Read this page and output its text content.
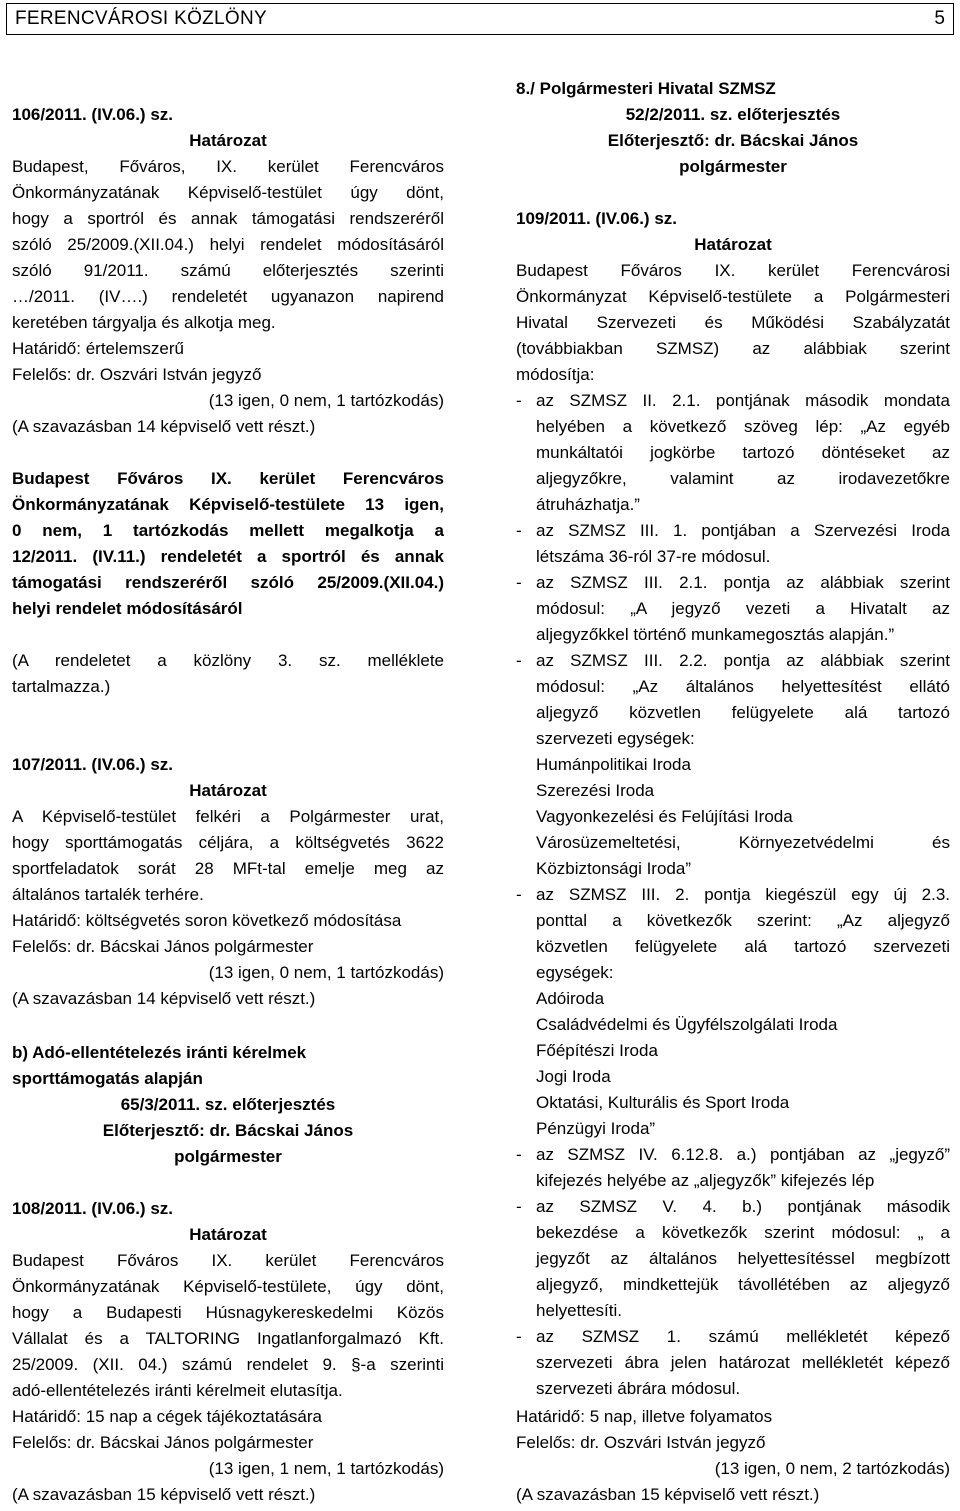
FERENCVÁROSI KÖZLÖNY	5
106/2011. (IV.06.) sz.
Határozat
Budapest, Főváros, IX. kerület Ferencváros
Önkormányzatának Képviselő-testület úgy dönt,
hogy a sportról és annak támogatási rendszeréről
szóló 25/2009.(XII.04.) helyi rendelet módosításáról
szóló 91/2011. számú előterjesztés szerinti
…/2011. (IV….) rendeletét ugyanazon napirend
keretében tárgyalja és alkotja meg.
Határidő: értelemszerű
Felelős: dr. Oszvári István jegyző
(13 igen, 0 nem, 1 tartózkodás)
(A szavazásban 14 képviselő vett részt.)
Budapest Főváros IX. kerület Ferencváros
Önkormányzatának Képviselő-testülete 13 igen,
0 nem, 1 tartózkodás mellett megalkotja a
12/2011. (IV.11.) rendeletét a sportról és annak
támogatási rendszeréről szóló 25/2009.(XII.04.)
helyi rendelet módosításáról
(A rendeletet a közlöny 3. sz. melléklete
tartalmazza.)
107/2011. (IV.06.) sz.
Határozat
A Képviselő-testület felkéri a Polgármester urat,
hogy sporttámogatás céljára, a költségvetés 3622
sportfeladatok sorát 28 MFt-tal emelje meg az
általános tartalék terhére.
Határidő: költségvetés soron következő módosítása
Felelős: dr. Bácskai János polgármester
(13 igen, 0 nem, 1 tartózkodás)
(A szavazásban 14 képviselő vett részt.)
b) Adó-ellentételezés iránti kérelmek
sporttámogatás alapján
65/3/2011. sz. előterjesztés
Előterjesztő: dr. Bácskai János
polgármester
108/2011. (IV.06.) sz.
Határozat
Budapest Főváros IX. kerület Ferencváros
Önkormányzatának Képviselő-testülete, úgy dönt,
hogy a Budapesti Húsnagykereskedelmi Közös
Vállalat és a TALTORING Ingatlanforgalmazó Kft.
25/2009. (XII. 04.) számú rendelet 9. §-a szerinti
adó-ellentételezés iránti kérelmeit elutasítja.
Határidő: 15 nap a cégek tájékoztatására
Felelős: dr. Bácskai János polgármester
(13 igen, 1 nem, 1 tartózkodás)
(A szavazásban 15 képviselő vett részt.)
8./ Polgármesteri Hivatal SZMSZ
52/2/2011. sz. előterjesztés
Előterjesztő: dr. Bácskai János
polgármester
109/2011. (IV.06.) sz.
Határozat
Budapest Főváros IX. kerület Ferencvárosi
Önkormányzat Képviselő-testülete a Polgármesteri
Hivatal Szervezeti és Működési Szabályzatát
(továbbiakban SZMSZ) az alábbiak szerint
módosítja:
- az SZMSZ II. 2.1. pontjának második mondata
helyében a következő szöveg lép: „Az egyéb
munkáltatói jogkörbe tartozó döntéseket az
aljegyzőkre, valamint az irodavezetőkre
átruházhatja.”
- az SZMSZ III. 1. pontjában a Szervezési Iroda
létszáma 36-ról 37-re módosul.
- az SZMSZ III. 2.1. pontja az alábbiak szerint
módosul: „A jegyző vezeti a Hivatalt az
aljegyzőkkel történő munkamegosztás alapján.”
- az SZMSZ III. 2.2. pontja az alábbiak szerint
módosul: „Az általános helyettesítést ellátó
aljegyző közvetlen felügyelete alá tartozó
szervezeti egységek:
Humánpolitikai Iroda
Szerezési Iroda
Vagyonkezelési és Felújítási Iroda
Városüzemeltetési, Környezetvédelmi és
Közbiztonsági Iroda”
- az SZMSZ III. 2. pontja kiegészül egy új 2.3.
ponttal a következők szerint: „Az aljegyző
közvetlen felügyelete alá tartozó szervezeti
egységek:
Adóiroda
Családvédelmi és Ügyfélszolgálati Iroda
Főépítészi Iroda
Jogi Iroda
Oktatási, Kulturális és Sport Iroda
Pénzügyi Iroda”
- az SZMSZ IV. 6.12.8. a.) pontjában az „jegyző”
kifejezés helyébe az „aljegyzők” kifejezés lép
- az SZMSZ V. 4. b.) pontjának második
bekezdése a következők szerint módosul: „ a
jegyzőt az általános helyettesítéssel megbízott
aljegyző, mindkettejük távollétében az aljegyző
helyettesíti.
- az SZMSZ 1. számú mellékletét képező
szervezeti ábra jelen határozat mellékletét képező
szervezeti ábrára módosul.
Határidő: 5 nap, illetve folyamatos
Felelős: dr. Oszvári István jegyző
(13 igen, 0 nem, 2 tartózkodás)
(A szavazásban 15 képviselő vett részt.)
